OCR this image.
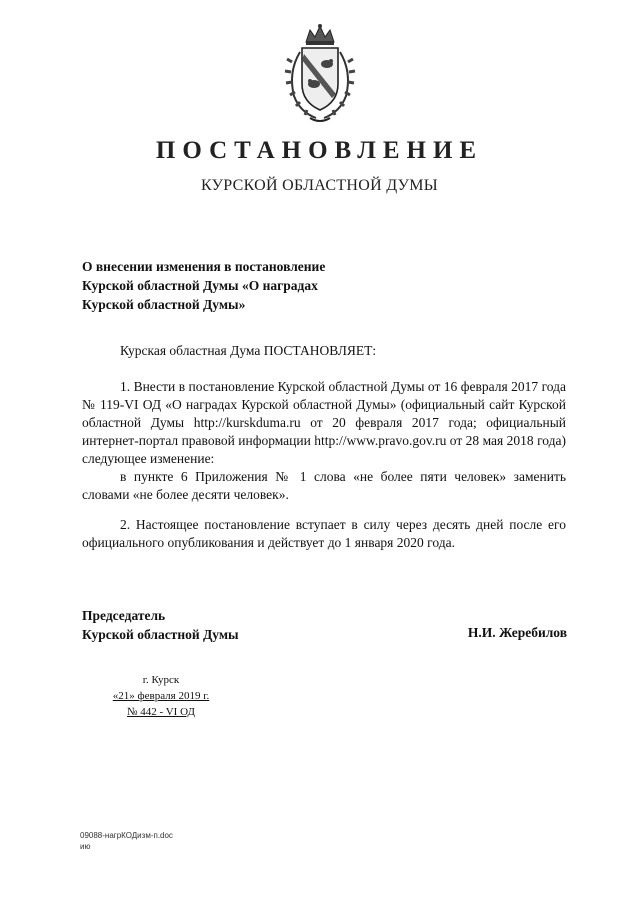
ПОСТАНОВЛЕНИЕ
КУРСКОЙ ОБЛАСТНОЙ ДУМЫ
О внесении изменения в постановление
Курской областной Думы «О наградах
Курской областной Думы»
Курская областная Дума ПОСТАНОВЛЯЕТ:
1. Внести в постановление Курской областной Думы от 16 февраля 2017 года № 119-VI ОД «О наградах Курской областной Думы» (официальный сайт Курской областной Думы http://kurskduma.ru от 20 февраля 2017 года; официальный интернет-портал правовой информации http://www.pravo.gov.ru от 28 мая 2018 года) следующее изменение:
в пункте 6 Приложения № 1 слова «не более пяти человек» заменить словами «не более десяти человек».
2. Настоящее постановление вступает в силу через десять дней после его официального опубликования и действует до 1 января 2020 года.
Председатель
Курской областной Думы	Н.И. Жеребилов
г. Курск
«21» февраля 2019 г.
№ 442 - VI ОД
09088-нагрКОДизм-п.doc
ию
